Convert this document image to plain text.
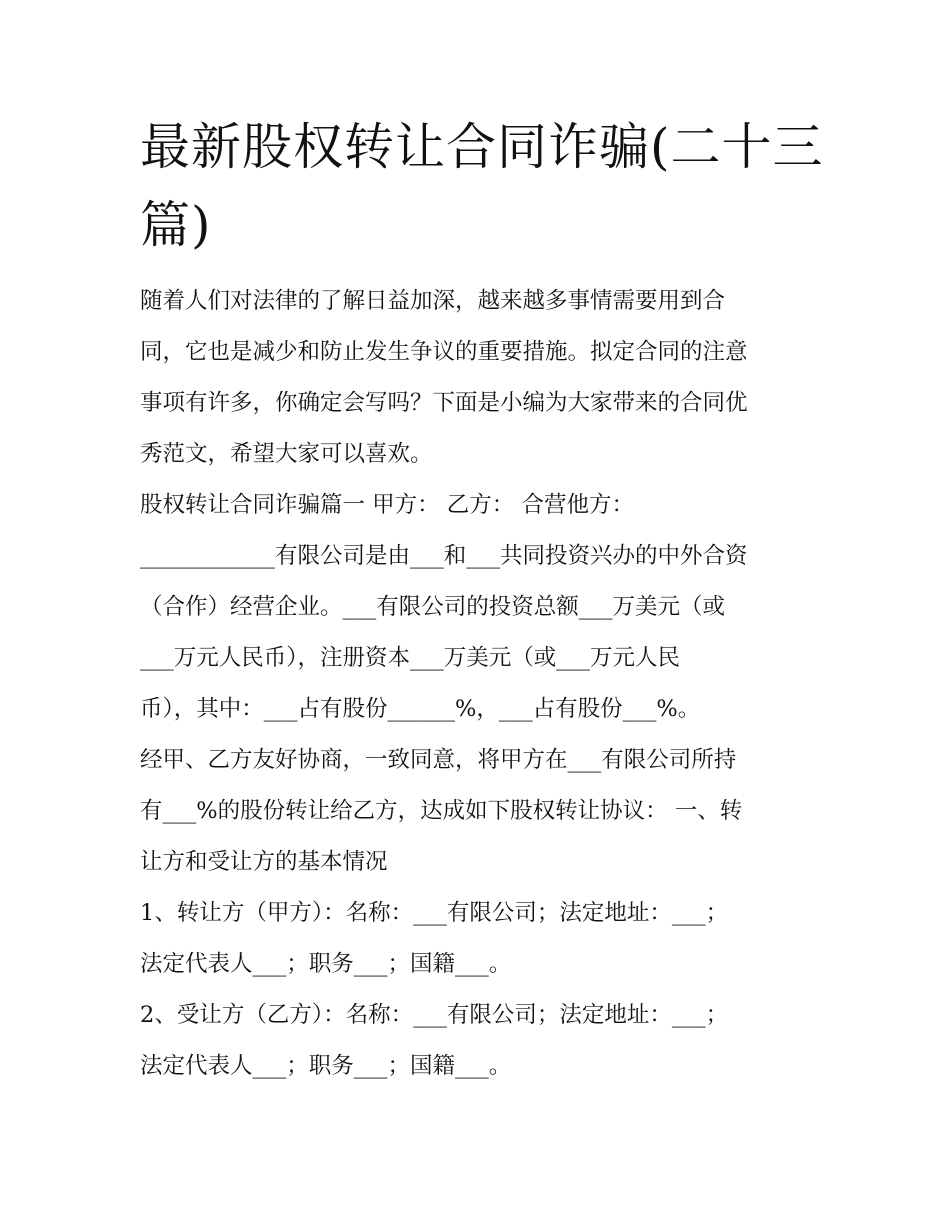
最新股权转让合同诈骗(二十三
篇)
随着人们对法律的了解日益加深，越来越多事情需要用到合
同，它也是减少和防止发生争议的重要措施。拟定合同的注意
事项有许多，你确定会写吗？下面是小编为大家带来的合同优
秀范文，希望大家可以喜欢。
股权转让合同诈骗篇一 甲方： 乙方： 合营他方：
____________有限公司是由___和___共同投资兴办的中外合资
（合作）经营企业。___有限公司的投资总额___万美元（或
___万元人民币），注册资本___万美元（或___万元人民
币），其中：___占有股份______%，___占有股份___%。
经甲、乙方友好协商，一致同意，将甲方在___有限公司所持
有___%的股份转让给乙方，达成如下股权转让协议： 一、转
让方和受让方的基本情况
1、转让方（甲方）：名称：___有限公司；法定地址：___；
法定代表人___；职务___；国籍___。
2、受让方（乙方）：名称：___有限公司；法定地址：___；
法定代表人___；职务___；国籍___。
